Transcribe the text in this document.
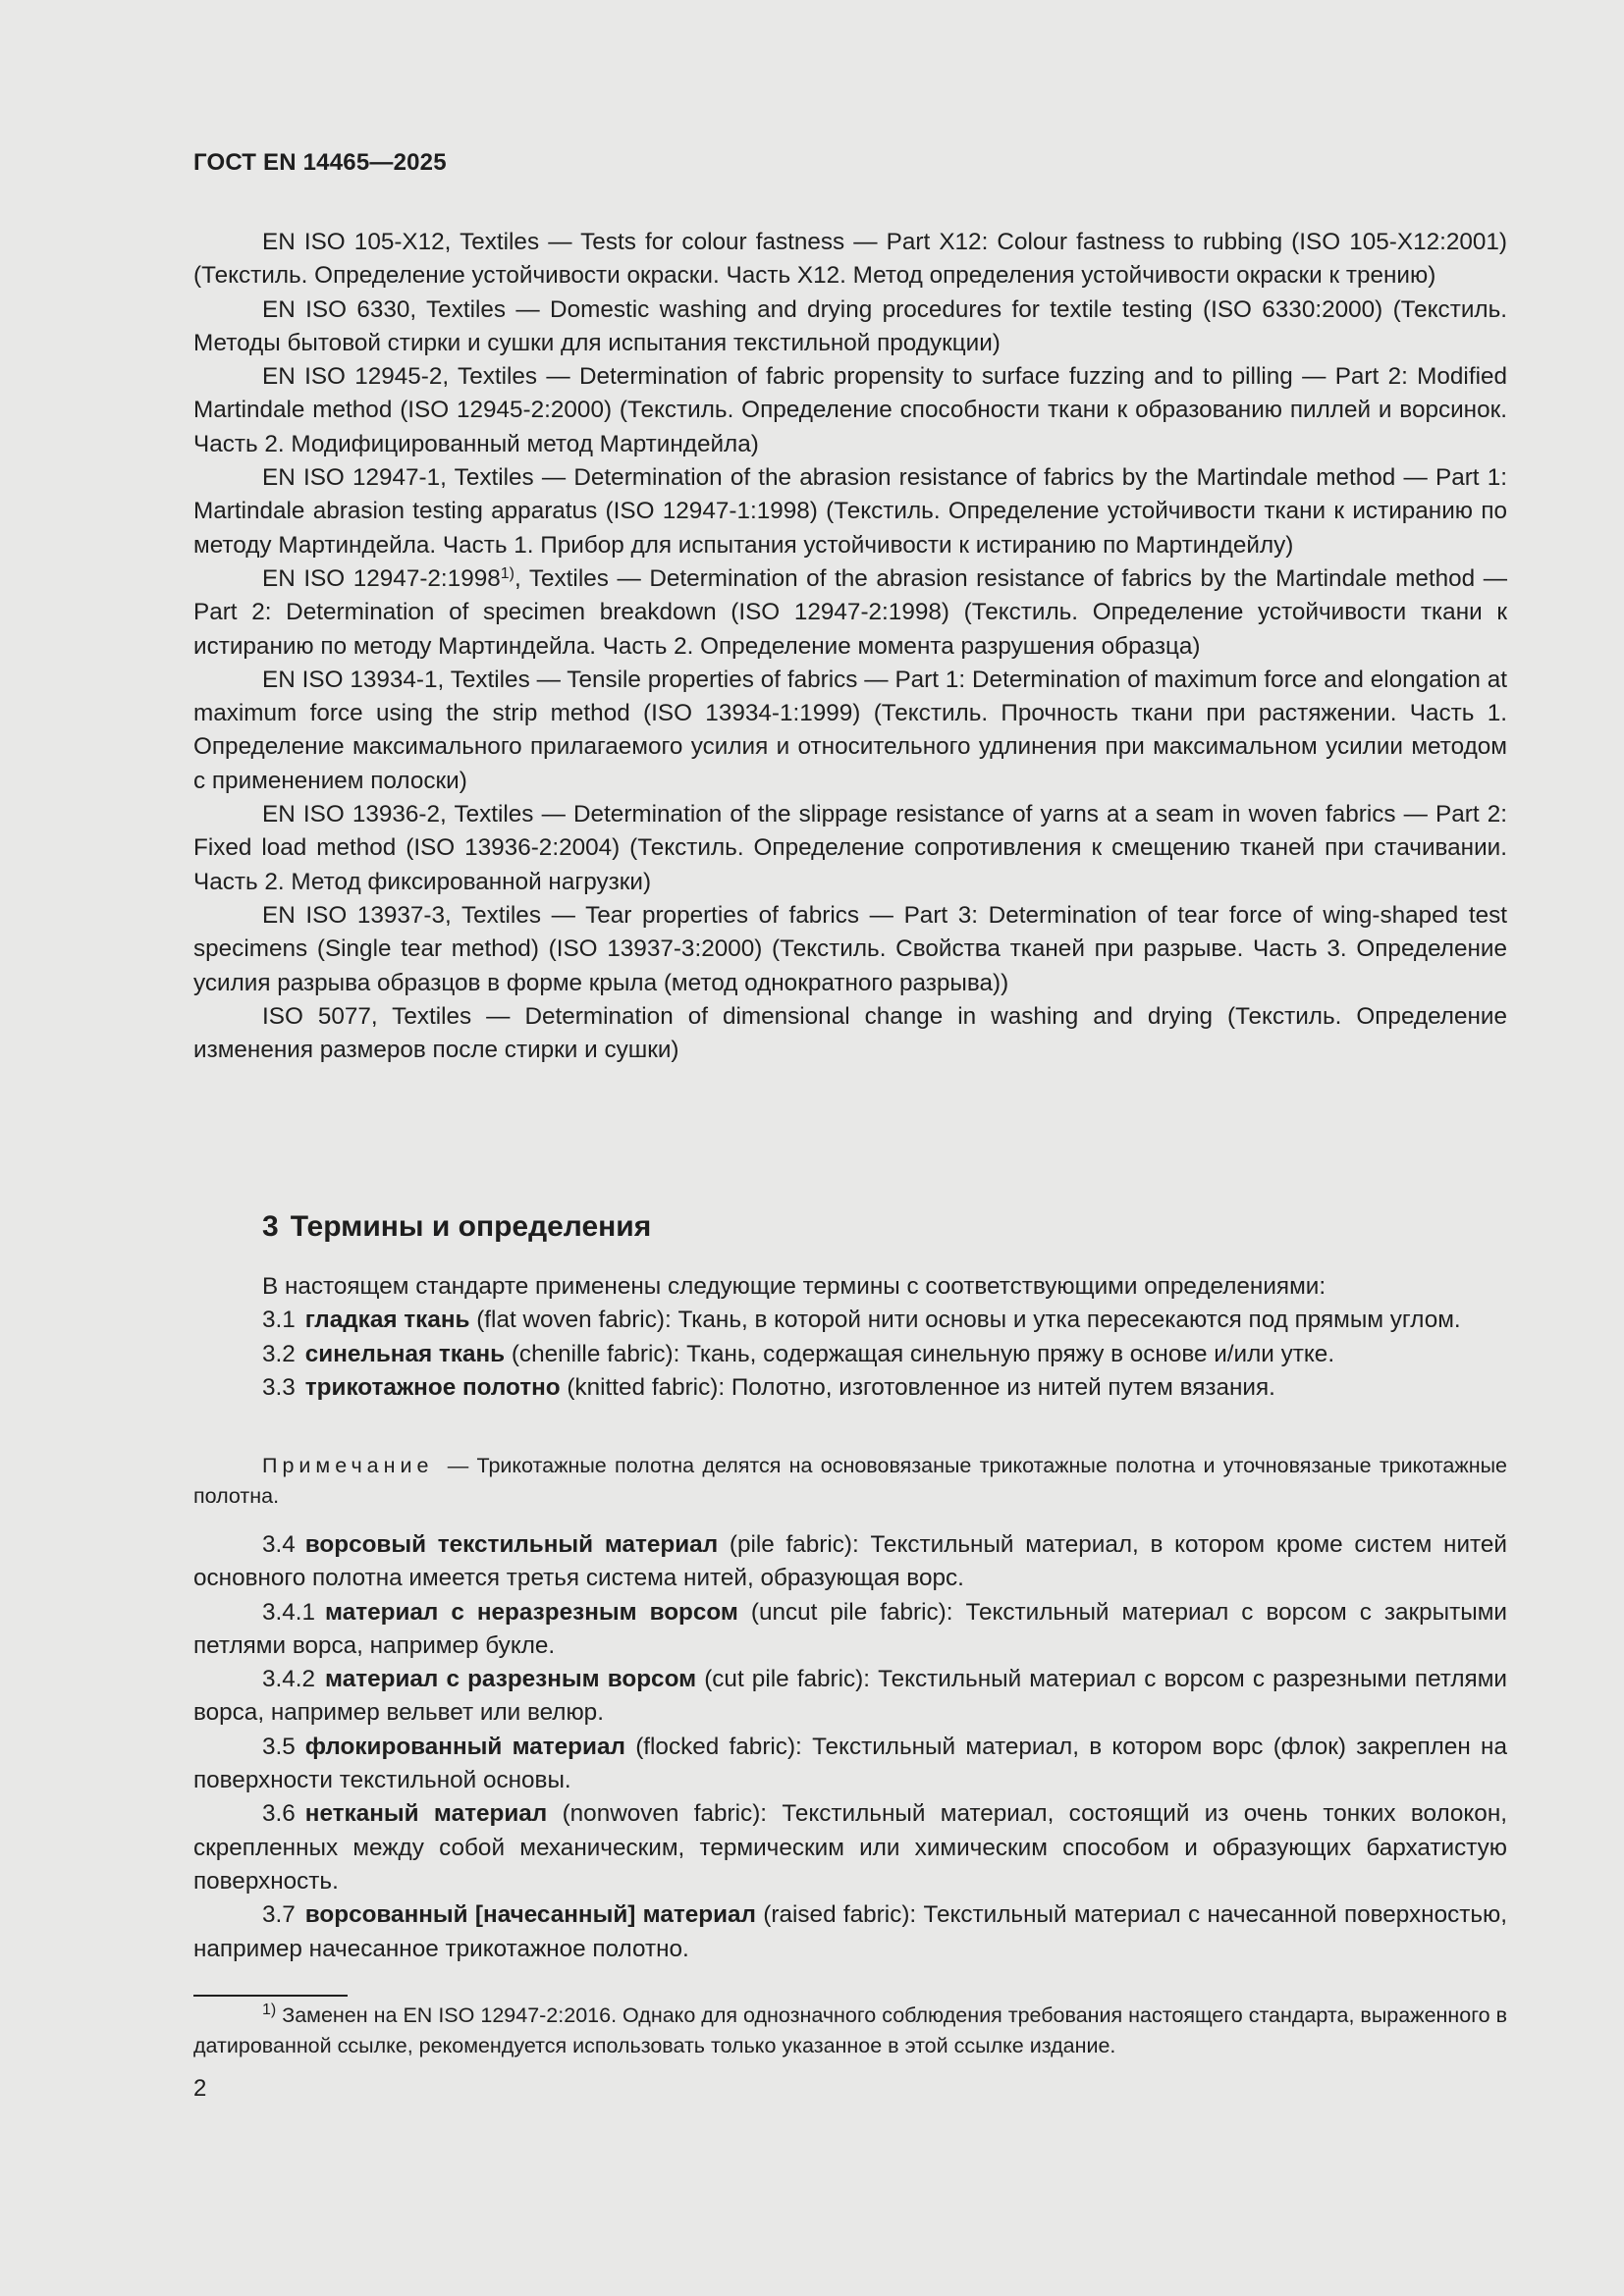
ГОСТ EN 14465—2025

EN ISO 105-X12, Textiles — Tests for colour fastness — Part X12: Colour fastness to rubbing (ISO 105-X12:2001) (Текстиль. Определение устойчивости окраски. Часть Х12. Метод определения устойчивости окраски к трению)

EN ISO 6330, Textiles — Domestic washing and drying procedures for textile testing (ISO 6330:2000) (Текстиль. Методы бытовой стирки и сушки для испытания текстильной продукции)

EN ISO 12945-2, Textiles — Determination of fabric propensity to surface fuzzing and to pilling — Part 2: Modified Martindale method (ISO 12945-2:2000) (Текстиль. Определение способности ткани к образованию пиллей и ворсинок. Часть 2. Модифицированный метод Мартиндейла)

EN ISO 12947-1, Textiles — Determination of the abrasion resistance of fabrics by the Martindale method — Part 1: Martindale abrasion testing apparatus (ISO 12947-1:1998) (Текстиль. Определение устойчивости ткани к истиранию по методу Мартиндейла. Часть 1. Прибор для испытания устойчивости к истиранию по Мартиндейлу)

EN ISO 12947-2:1998$^{1)}$, Textiles — Determination of the abrasion resistance of fabrics by the Martindale method — Part 2: Determination of specimen breakdown (ISO 12947-2:1998) (Текстиль. Определение устойчивости ткани к истиранию по методу Мартиндейла. Часть 2. Определение момента разрушения образца)

EN ISO 13934-1, Textiles — Tensile properties of fabrics — Part 1: Determination of maximum force and elongation at maximum force using the strip method (ISO 13934-1:1999) (Текстиль. Прочность ткани при растяжении. Часть 1. Определение максимального прилагаемого усилия и относительного удлинения при максимальном усилии методом с применением полоски)

EN ISO 13936-2, Textiles — Determination of the slippage resistance of yarns at a seam in woven fabrics — Part 2: Fixed load method (ISO 13936-2:2004) (Текстиль. Определение сопротивления к смещению тканей при стачивании. Часть 2. Метод фиксированной нагрузки)

EN ISO 13937-3, Textiles — Tear properties of fabrics — Part 3: Determination of tear force of wing-shaped test specimens (Single tear method) (ISO 13937-3:2000) (Текстиль. Свойства тканей при разрыве. Часть 3. Определение усилия разрыва образцов в форме крыла (метод однократного разрыва))

ISO 5077, Textiles — Determination of dimensional change in washing and drying (Текстиль. Определение изменения размеров после стирки и сушки)

3 Термины и определения

В настоящем стандарте применены следующие термины с соответствующими определениями:

3.1 гладкая ткань (flat woven fabric): Ткань, в которой нити основы и утка пересекаются под прямым углом.

3.2 синельная ткань (chenille fabric): Ткань, содержащая синельную пряжу в основе и/или утке.

3.3 трикотажное полотно (knitted fabric): Полотно, изготовленное из нитей путем вязания.

Примечание — Трикотажные полотна делятся на основовязаные трикотажные полотна и уточновязаные трикотажные полотна.

3.4 ворсовый текстильный материал (pile fabric): Текстильный материал, в котором кроме систем нитей основного полотна имеется третья система нитей, образующая ворс.

3.4.1 материал с неразрезным ворсом (uncut pile fabric): Текстильный материал с ворсом с закрытыми петлями ворса, например букле.

3.4.2 материал с разрезным ворсом (cut pile fabric): Текстильный материал с ворсом с разрезными петлями ворса, например вельвет или велюр.

3.5 флокированный материал (flocked fabric): Текстильный материал, в котором ворс (флок) закреплен на поверхности текстильной основы.

3.6 нетканый материал (nonwoven fabric): Текстильный материал, состоящий из очень тонких волокон, скрепленных между собой механическим, термическим или химическим способом и образующих бархатистую поверхность.

3.7 ворсованный [начесанный] материал (raised fabric): Текстильный материал с начесанной поверхностью, например начесанное трикотажное полотно.

$^{1)}$ Заменен на EN ISO 12947-2:2016. Однако для однозначного соблюдения требования настоящего стандарта, выраженного в датированной ссылке, рекомендуется использовать только указанное в этой ссылке издание.

2
